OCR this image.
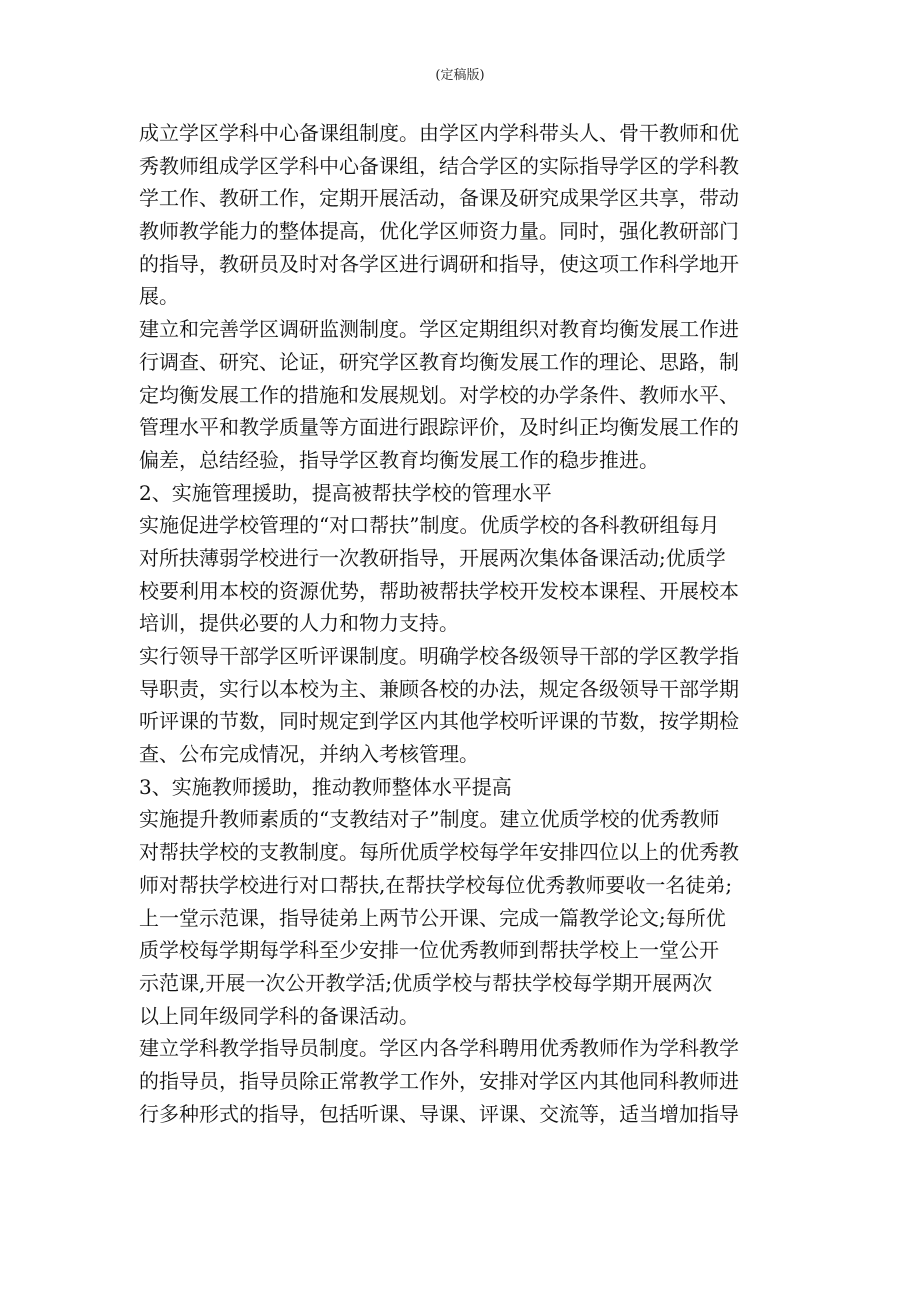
(定稿版)
成立学区学科中心备课组制度。由学区内学科带头人、骨干教师和优
秀教师组成学区学科中心备课组，结合学区的实际指导学区的学科教
学工作、教研工作，定期开展活动，备课及研究成果学区共享，带动
教师教学能力的整体提高，优化学区师资力量。同时，强化教研部门
的指导，教研员及时对各学区进行调研和指导，使这项工作科学地开
展。
建立和完善学区调研监测制度。学区定期组织对教育均衡发展工作进
行调查、研究、论证，研究学区教育均衡发展工作的理论、思路，制
定均衡发展工作的措施和发展规划。对学校的办学条件、教师水平、
管理水平和教学质量等方面进行跟踪评价，及时纠正均衡发展工作的
偏差，总结经验，指导学区教育均衡发展工作的稳步推进。
2、实施管理援助，提高被帮扶学校的管理水平
实施促进学校管理的“对口帮扶”制度。优质学校的各科教研组每月
对所扶薄弱学校进行一次教研指导，开展两次集体备课活动;优质学
校要利用本校的资源优势，帮助被帮扶学校开发校本课程、开展校本
培训，提供必要的人力和物力支持。
实行领导干部学区听评课制度。明确学校各级领导干部的学区教学指
导职责，实行以本校为主、兼顾各校的办法，规定各级领导干部学期
听评课的节数，同时规定到学区内其他学校听评课的节数，按学期检
查、公布完成情况，并纳入考核管理。
3、实施教师援助，推动教师整体水平提高
实施提升教师素质的“支教结对子”制度。建立优质学校的优秀教师
对帮扶学校的支教制度。每所优质学校每学年安排四位以上的优秀教
师对帮扶学校进行对口帮扶,在帮扶学校每位优秀教师要收一名徒弟;
上一堂示范课，指导徒弟上两节公开课、完成一篇教学论文;每所优
质学校每学期每学科至少安排一位优秀教师到帮扶学校上一堂公开
示范课,开展一次公开教学活;优质学校与帮扶学校每学期开展两次
以上同年级同学科的备课活动。
建立学科教学指导员制度。学区内各学科聘用优秀教师作为学科教学
的指导员，指导员除正常教学工作外，安排对学区内其他同科教师进
行多种形式的指导，包括听课、导课、评课、交流等，适当增加指导
